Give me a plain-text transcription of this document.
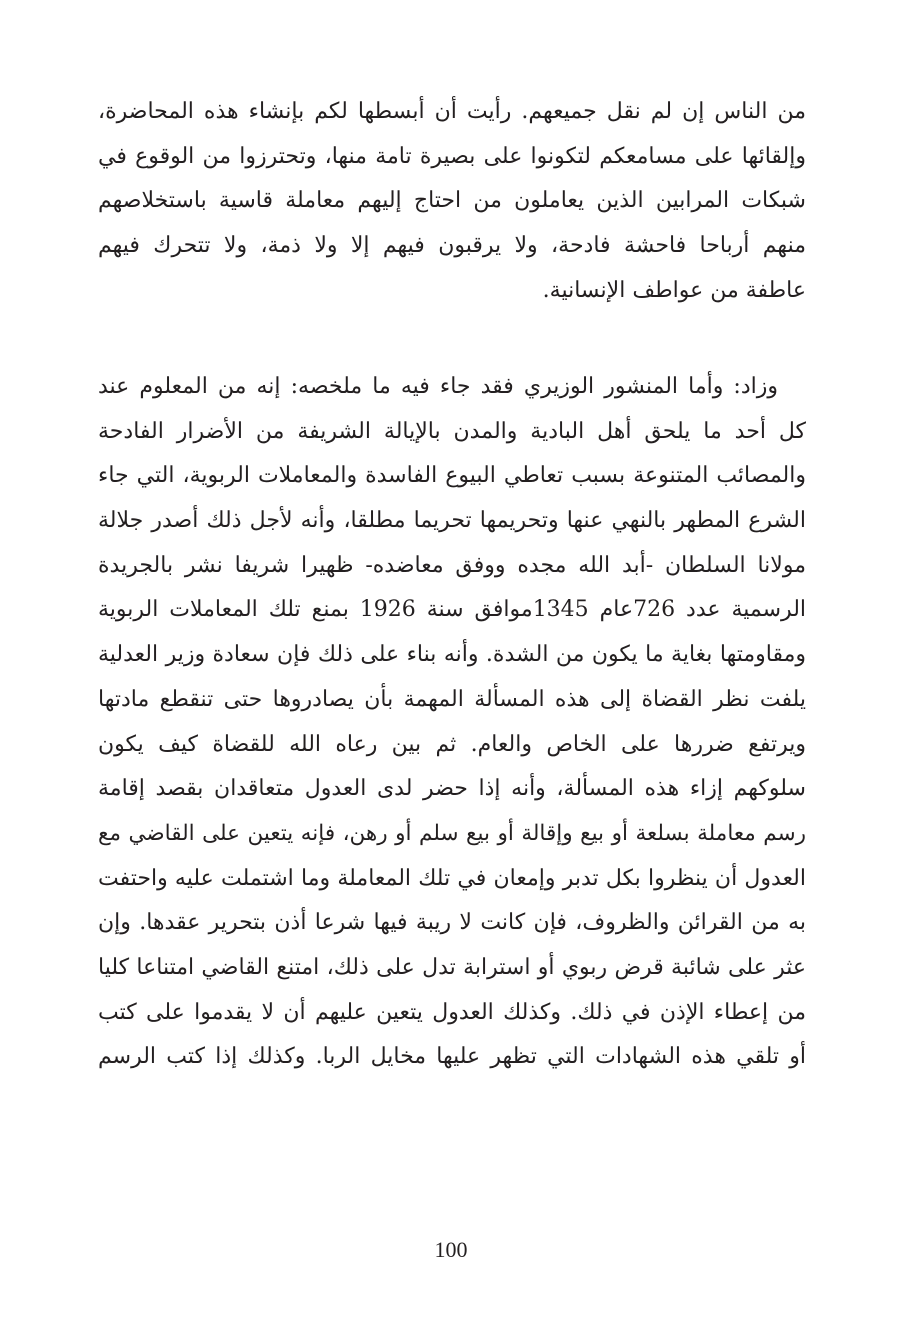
من الناس إن لم نقل جميعهم. رأيت أن أبسطها لكم بإنشاء هذه المحاضرة،
وإلقائها على مسامعكم لتكونوا على بصيرة تامة منها، وتحترزوا من الوقوع في
شبكات المرابين الذين يعاملون من احتاج إليهم معاملة قاسية باستخلاصهم
منهم أرباحا فاحشة فادحة، ولا يرقبون فيهم إلا ولا ذمة، ولا تتحرك فيهم
عاطفة من عواطف الإنسانية.
وزاد: وأما المنشور الوزيري فقد جاء فيه ما ملخصه: إنه من المعلوم عند
كل أحد ما يلحق أهل البادية والمدن بالإيالة الشريفة من الأضرار الفادحة
والمصائب المتنوعة بسبب تعاطي البيوع الفاسدة والمعاملات الربوية، التي جاء
الشرع المطهر بالنهي عنها وتحريمها تحريما مطلقا، وأنه لأجل ذلك أصدر جلالة
مولانا السلطان -أبد الله مجده ووفق معاضده- ظهيرا شريفا نشر بالجريدة
الرسمية عدد 726عام 1345موافق سنة 1926 بمنع تلك المعاملات الربوية
ومقاومتها بغاية ما يكون من الشدة. وأنه بناء على ذلك فإن سعادة وزير العدلية
يلفت نظر القضاة إلى هذه المسألة المهمة بأن يصادروها حتى تنقطع مادتها
ويرتفع ضررها على الخاص والعام. ثم بين رعاه الله للقضاة كيف يكون
سلوكهم إزاء هذه المسألة، وأنه إذا حضر لدى العدول متعاقدان بقصد إقامة
رسم معاملة بسلعة أو بيع وإقالة أو بيع سلم أو رهن، فإنه يتعين على القاضي مع
العدول أن ينظروا بكل تدبر وإمعان في تلك المعاملة وما اشتملت عليه واحتفت
به من القرائن والظروف، فإن كانت لا ريبة فيها شرعا أذن بتحرير عقدها. وإن
عثر على شائبة قرض ربوي أو استرابة تدل على ذلك، امتنع القاضي امتناعا كليا
من إعطاء الإذن في ذلك. وكذلك العدول يتعين عليهم أن لا يقدموا على كتب
أو تلقي هذه الشهادات التي تظهر عليها مخايل الربا. وكذلك إذا كتب الرسم
100
